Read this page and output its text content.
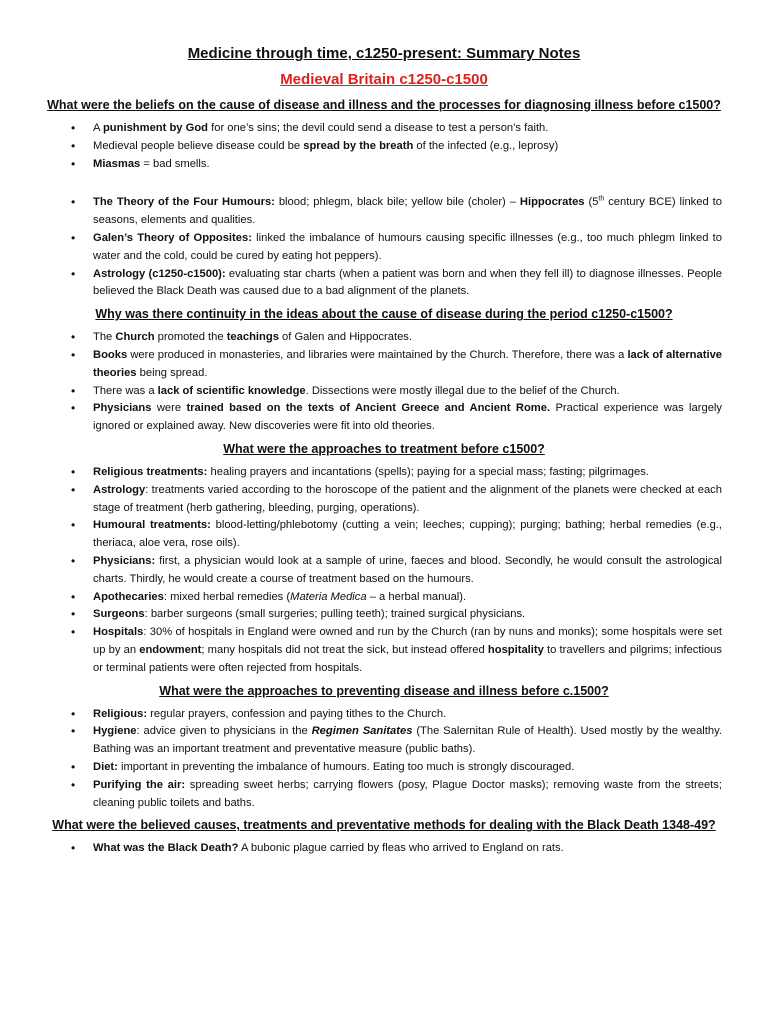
Medicine through time, c1250-present: Summary Notes
Medieval Britain c1250-c1500
What were the beliefs on the cause of disease and illness and the processes for diagnosing illness before c1500?
• A punishment by God for one’s sins; the devil could send a disease to test a person’s faith.
• Medieval people believe disease could be spread by the breath of the infected (e.g., leprosy)
• Miasmas = bad smells.
• The Theory of the Four Humours: blood; phlegm, black bile; yellow bile (choler) – Hippocrates (5th century BCE) linked to seasons, elements and qualities.
• Galen’s Theory of Opposites: linked the imbalance of humours causing specific illnesses (e.g., too much phlegm linked to water and the cold, could be cured by eating hot peppers).
• Astrology (c1250-c1500): evaluating star charts (when a patient was born and when they fell ill) to diagnose illnesses. People believed the Black Death was caused due to a bad alignment of the planets.
Why was there continuity in the ideas about the cause of disease during the period c1250-c1500?
• The Church promoted the teachings of Galen and Hippocrates.
• Books were produced in monasteries, and libraries were maintained by the Church. Therefore, there was a lack of alternative theories being spread.
• There was a lack of scientific knowledge. Dissections were mostly illegal due to the belief of the Church.
• Physicians were trained based on the texts of Ancient Greece and Ancient Rome. Practical experience was largely ignored or explained away. New discoveries were fit into old theories.
What were the approaches to treatment before c1500?
• Religious treatments: healing prayers and incantations (spells); paying for a special mass; fasting; pilgrimages.
• Astrology: treatments varied according to the horoscope of the patient and the alignment of the planets were checked at each stage of treatment (herb gathering, bleeding, purging, operations).
• Humoural treatments: blood-letting/phlebotomy (cutting a vein; leeches; cupping); purging; bathing; herbal remedies (e.g., theriaca, aloe vera, rose oils).
• Physicians: first, a physician would look at a sample of urine, faeces and blood. Secondly, he would consult the astrological charts. Thirdly, he would create a course of treatment based on the humours.
• Apothecaries: mixed herbal remedies (Materia Medica – a herbal manual).
• Surgeons: barber surgeons (small surgeries; pulling teeth); trained surgical physicians.
• Hospitals: 30% of hospitals in England were owned and run by the Church (ran by nuns and monks); some hospitals were set up by an endowment; many hospitals did not treat the sick, but instead offered hospitality to travellers and pilgrims; infectious or terminal patients were often rejected from hospitals.
What were the approaches to preventing disease and illness before c.1500?
• Religious: regular prayers, confession and paying tithes to the Church.
• Hygiene: advice given to physicians in the Regimen Sanitates (The Salernitan Rule of Health). Used mostly by the wealthy. Bathing was an important treatment and preventative measure (public baths).
• Diet: important in preventing the imbalance of humours. Eating too much is strongly discouraged.
• Purifying the air: spreading sweet herbs; carrying flowers (posy, Plague Doctor masks); removing waste from the streets; cleaning public toilets and baths.
What were the believed causes, treatments and preventative methods for dealing with the Black Death 1348-49?
• What was the Black Death? A bubonic plague carried by fleas who arrived to England on rats.
